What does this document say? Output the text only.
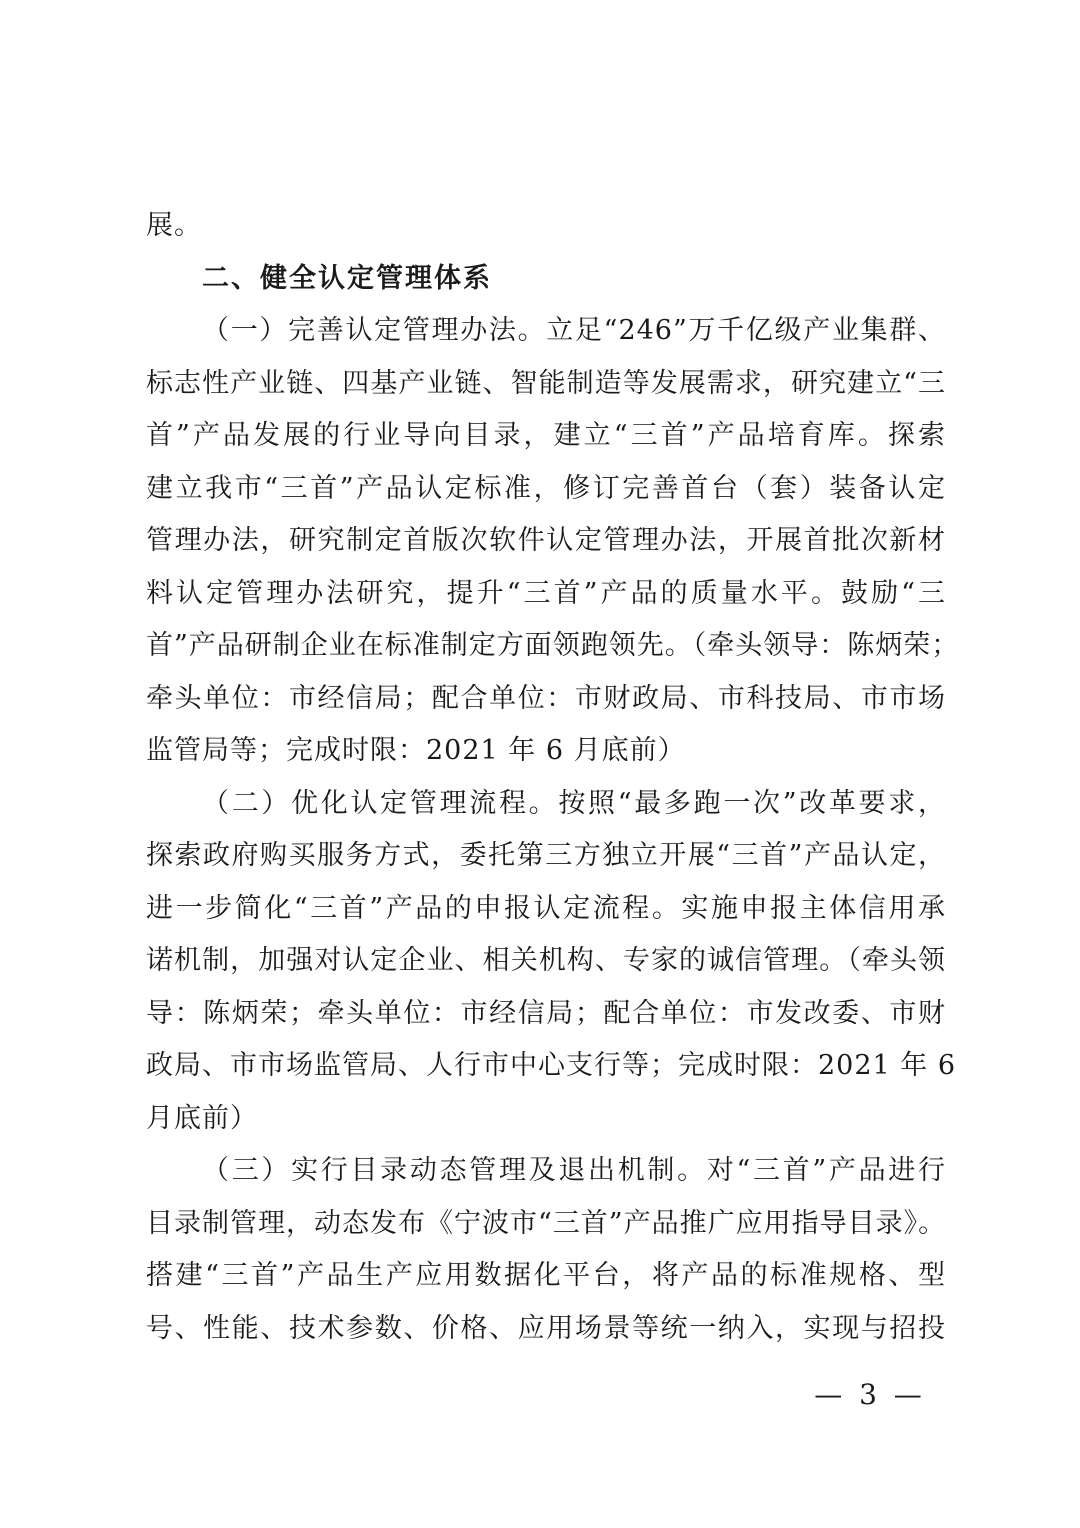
展。
二、健全认定管理体系
（一）完善认定管理办法。立足“246”万千亿级产业集群、
标志性产业链、四基产业链、智能制造等发展需求，研究建立“三
首”产品发展的行业导向目录，建立“三首”产品培育库。探索
建立我市“三首”产品认定标准，修订完善首台（套）装备认定
管理办法，研究制定首版次软件认定管理办法，开展首批次新材
料认定管理办法研究，提升“三首”产品的质量水平。鼓励“三
首”产品研制企业在标准制定方面领跑领先。（牵头领导：陈炳荣；
牵头单位：市经信局；配合单位：市财政局、市科技局、市市场
监管局等；完成时限：2021 年 6 月底前）
（二）优化认定管理流程。按照“最多跑一次”改革要求，
探索政府购买服务方式，委托第三方独立开展“三首”产品认定，
进一步简化“三首”产品的申报认定流程。实施申报主体信用承
诺机制，加强对认定企业、相关机构、专家的诚信管理。（牵头领
导：陈炳荣；牵头单位：市经信局；配合单位：市发改委、市财
政局、市市场监管局、人行市中心支行等；完成时限：2021 年 6
月底前）
（三）实行目录动态管理及退出机制。对“三首”产品进行
目录制管理，动态发布《宁波市“三首”产品推广应用指导目录》。
搭建“三首”产品生产应用数据化平台，将产品的标准规格、型
号、性能、技术参数、价格、应用场景等统一纳入，实现与招投
— 3 —
